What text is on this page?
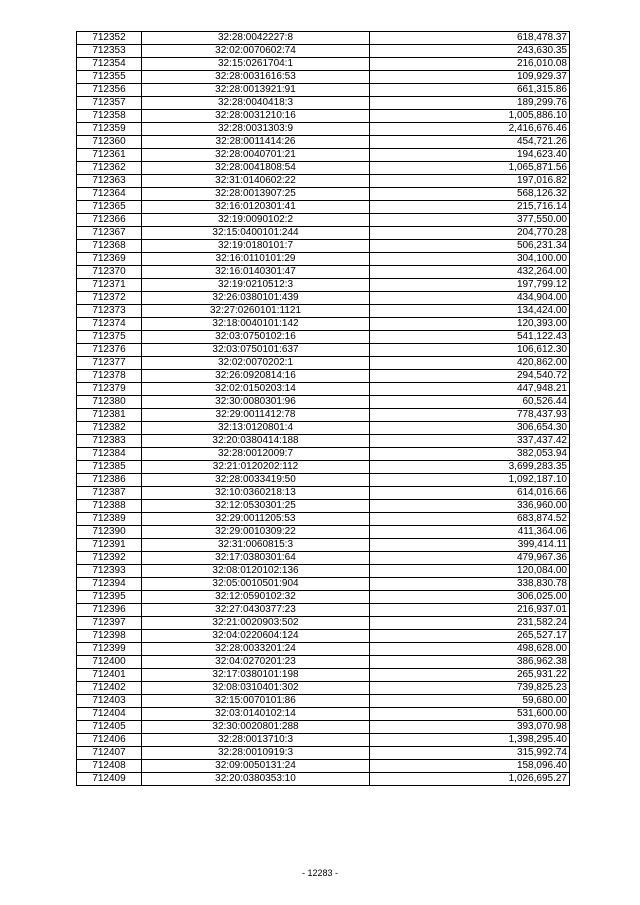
712352	32:28:0042227:8	618,478.37
712353	32:02:0070602:74	243,630.35
712354	32:15:0261704:1	216,010.08
712355	32:28:0031616:53	109,929.37
712356	32:28:0013921:91	661,315.86
712357	32:28:0040418:3	189,299.76
712358	32:28:0031210:16	1,005,886.10
712359	32:28:0031303:9	2,416,676.46
712360	32:28:0011414:26	454,721.26
712361	32:28:0040701:21	194,623.40
712362	32:28:0041808:54	1,065,871.56
712363	32:31:0140602:22	197,016.82
712364	32:28:0013907:25	568,126.32
712365	32:16:0120301:41	215,716.14
712366	32:19:0090102:2	377,550.00
712367	32:15:0400101:244	204,770.28
712368	32:19:0180101:7	506,231.34
712369	32:16:0110101:29	304,100.00
712370	32:16:0140301:47	432,264.00
712371	32:19:0210512:3	197,799.12
712372	32:26:0380101:439	434,904.00
712373	32:27:0260101:1121	134,424.00
712374	32:18:0040101:142	120,393.00
712375	32:03:0750102:16	541,122.43
712376	32:03:0750101:637	106,612.30
712377	32:02:0070202:1	420,862.00
712378	32:26:0920814:16	294,540.72
712379	32:02:0150203:14	447,948.21
712380	32:30:0080301:96	60,526.44
712381	32:29:0011412:78	778,437.93
712382	32:13:0120801:4	306,654.30
712383	32:20:0380414:188	337,437.42
712384	32:28:0012009:7	382,053.94
712385	32:21:0120202:112	3,699,283.35
712386	32:28:0033419:50	1,092,187.10
712387	32:10:0360218:13	614,016.66
712388	32:12:0530301:25	336,960.00
712389	32:29:0011205:53	683,874.52
712390	32:29:0010309:22	411,364.06
712391	32:31:0060815:3	399,414.11
712392	32:17:0380301:64	479,967.36
712393	32:08:0120102:136	120,084.00
712394	32:05:0010501:904	338,830.78
712395	32:12:0590102:32	306,025.00
712396	32:27:0430377:23	216,937.01
712397	32:21:0020903:502	231,582.24
712398	32:04:0220604:124	265,527.17
712399	32:28:0033201:24	498,628.00
712400	32:04:0270201:23	386,962.38
712401	32:17:0380101:198	265,931.22
712402	32:08:0310401:302	739,825.23
712403	32:15:0070101:86	59,680.00
712404	32:03:0140102:14	531,600.00
712405	32:30:0020801:288	393,070.98
712406	32:28:0013710:3	1,398,295.40
712407	32:28:0010919:3	315,992.74
712408	32:09:0050131:24	158,096.40
712409	32:20:0380353:10	1,026,695.27
- 12283 -
